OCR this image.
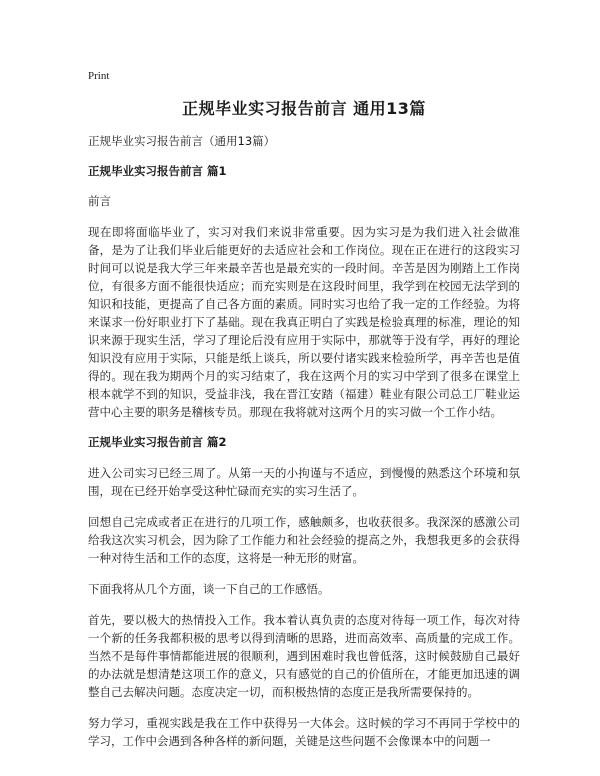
Print
正规毕业实习报告前言 通用13篇
正规毕业实习报告前言（通用13篇）
正规毕业实习报告前言 篇1
前言

现在即将面临毕业了，实习对我们来说非常重要。因为实习是为我们进入社会做准备，是为了让我们毕业后能更好的去适应社会和工作岗位。现在正在进行的这段实习时间可以说是我大学三年来最辛苦也是最充实的一段时间。辛苦是因为刚踏上工作岗位，有很多方面不能很快适应；而充实则是在这段时间里，我学到在校园无法学到的知识和技能，更提高了自己各方面的素质。同时实习也给了我一定的工作经验。为将来谋求一份好职业打下了基础。现在我真正明白了实践是检验真理的标准，理论的知识来源于现实生活，学习了理论后没有应用于实际中，那就等于没有学，再好的理论知识没有应用于实际，只能是纸上谈兵，所以要付诸实践来检验所学，再辛苦也是值得的。现在我为期两个月的实习结束了，我在这两个月的实习中学到了很多在课堂上根本就学不到的知识，受益非浅，我在晋江安踏（福建）鞋业有限公司总工厂鞋业运营中心主要的职务是稽核专员。那现在我将就对这两个月的实习做一个工作小结。

正规毕业实习报告前言 篇2

进入公司实习已经三周了。从第一天的小拘谨与不适应，到慢慢的熟悉这个环境和氛围，现在已经开始享受这种忙碌而充实的实习生活了。

回想自己完成或者正在进行的几项工作，感触颇多，也收获很多。我深深的感激公司给我这次实习机会，因为除了工作能力和社会经验的提高之外，我想我更多的会获得一种对待生活和工作的态度，这将是一种无形的财富。

下面我将从几个方面，谈一下自己的工作感悟。

首先，要以极大的热情投入工作。我本着认真负责的态度对待每一项工作，每次对待一个新的任务我都积极的思考以得到清晰的思路，进而高效率、高质量的完成工作。当然不是每件事情都能进展的很顺利，遇到困难时我也曾低落，这时候鼓励自己最好的办法就是想清楚这项工作的意义，只有感觉的自己的价值所在，才能更加迅速的调整自己去解决问题。态度决定一切，而积极热情的态度正是我所需要保持的。

努力学习，重视实践是我在工作中获得另一大体会。这时候的学习不再同于学校中的学习，工作中会遇到各种各样的新问题，关键是这些问题不会像课本中的问题一
